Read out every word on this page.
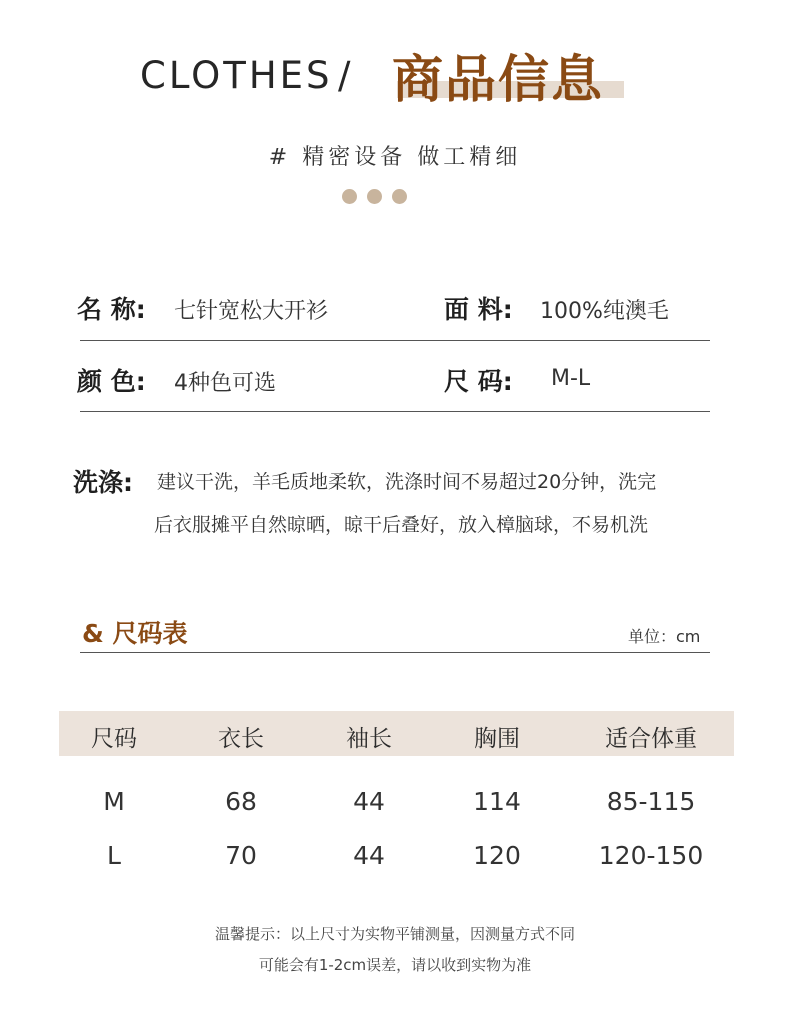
CLOTHES / 商品信息
# 精密设备 做工精细
名 称: 七针宽松大开衫	面 料: 100%纯澳毛
颜 色: 4种色可选	尺 码: M-L
洗涤: 建议干洗，羊毛质地柔软，洗涤时间不易超过20分钟，洗完
后衣服摊平自然晾晒，晾干后叠好，放入樟脑球，不易机洗
& 尺码表	单位：cm
尺码	衣长	袖长	胸围	适合体重
M	68	44	114	85-115
L	70	44	120	120-150
温馨提示：以上尺寸为实物平铺测量，因测量方式不同
可能会有1-2cm误差，请以收到实物为准
